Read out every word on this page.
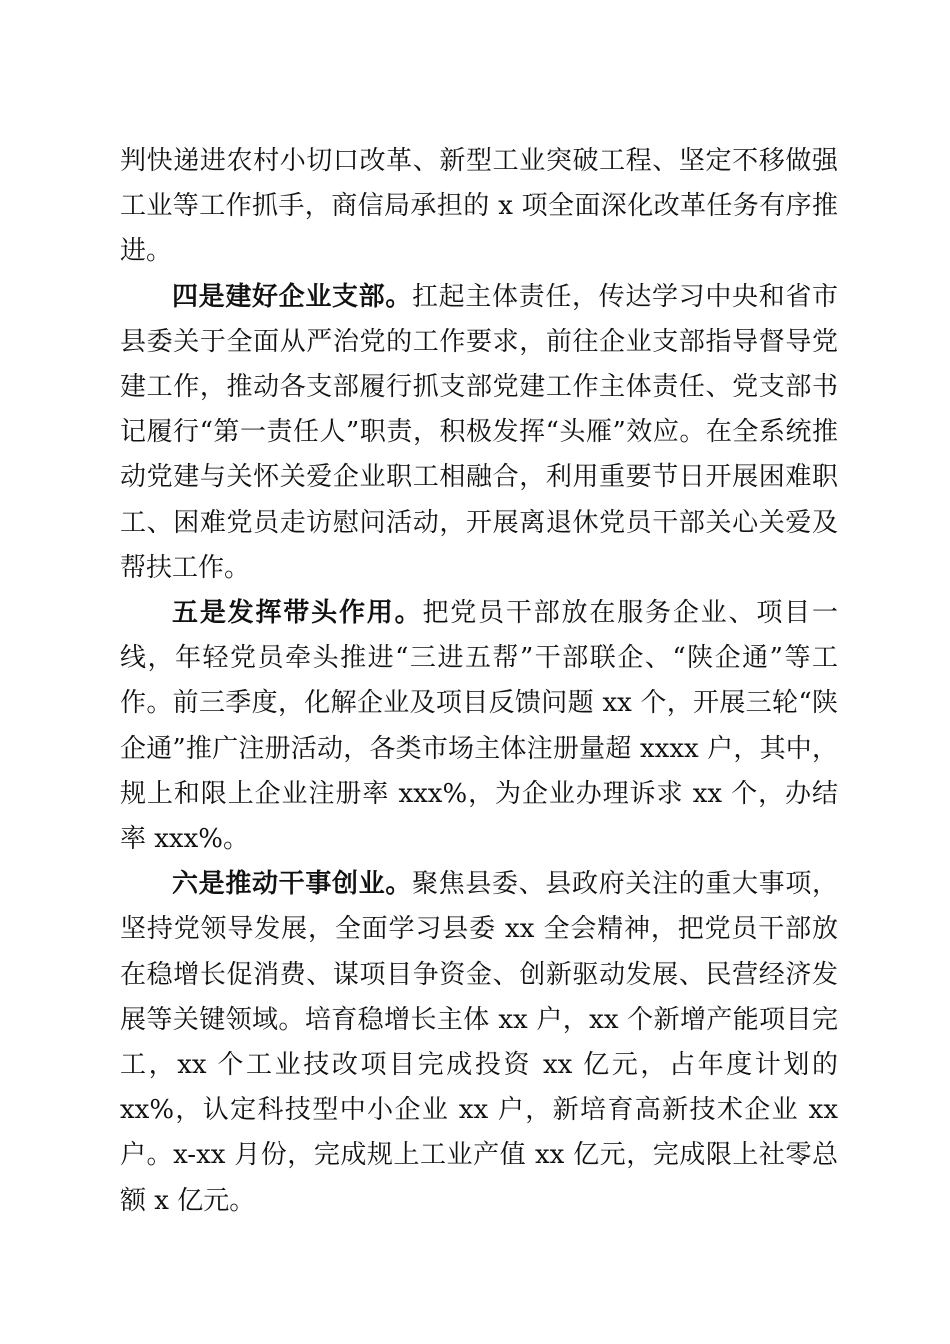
判快递进农村小切口改革、新型工业突破工程、坚定不移做强工业等工作抓手，商信局承担的 x 项全面深化改革任务有序推进。

四是建好企业支部。扛起主体责任，传达学习中央和省市县委关于全面从严治党的工作要求，前往企业支部指导督导党建工作，推动各支部履行抓支部党建工作主体责任、党支部书记履行“第一责任人”职责，积极发挥“头雁”效应。在全系统推动党建与关怀关爱企业职工相融合，利用重要节日开展困难职工、困难党员走访慰问活动，开展离退休党员干部关心关爱及帮扶工作。

五是发挥带头作用。把党员干部放在服务企业、项目一线，年轻党员牵头推进“三进五帮”干部联企、“陕企通”等工作。前三季度，化解企业及项目反馈问题 xx 个，开展三轮“陕企通”推广注册活动，各类市场主体注册量超 xxxx 户，其中，规上和限上企业注册率 xxx%，为企业办理诉求 xx 个，办结率 xxx%。

六是推动干事创业。聚焦县委、县政府关注的重大事项，坚持党领导发展，全面学习县委 xx 全会精神，把党员干部放在稳增长促消费、谋项目争资金、创新驱动发展、民营经济发展等关键领域。培育稳增长主体 xx 户，xx 个新增产能项目完工，xx 个工业技改项目完成投资 xx 亿元，占年度计划的 xx%，认定科技型中小企业 xx 户，新培育高新技术企业 xx 户。x-xx 月份，完成规上工业产值 xx 亿元，完成限上社零总额 x 亿元。
